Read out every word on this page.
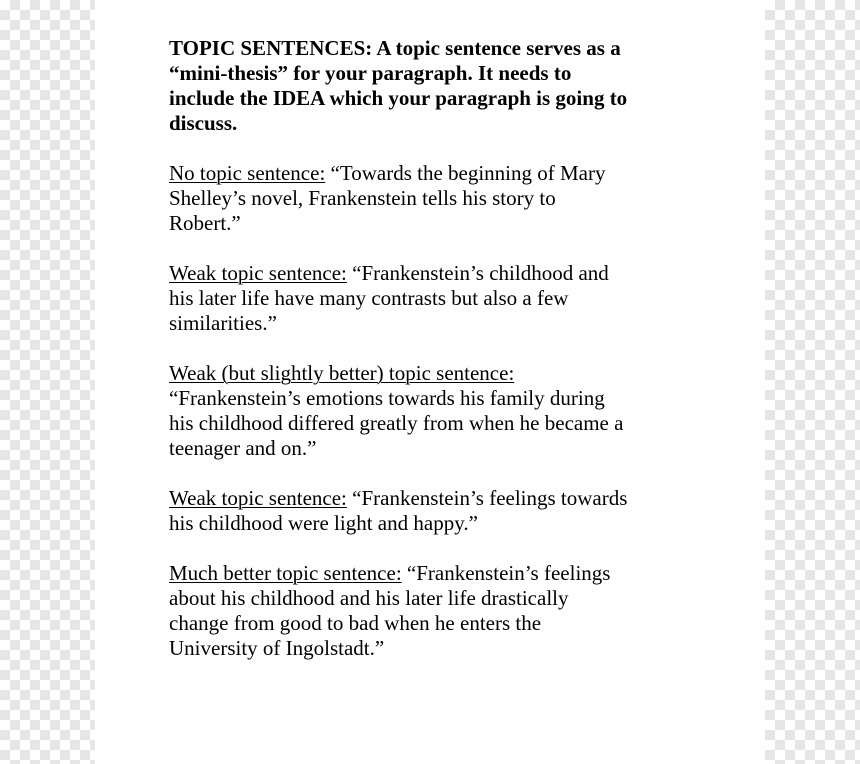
TOPIC SENTENCES: A topic sentence serves as a
“mini-thesis” for your paragraph. It needs to
include the IDEA which your paragraph is going to
discuss.
No topic sentence: “Towards the beginning of Mary
Shelley’s novel, Frankenstein tells his story to
Robert.”
Weak topic sentence: “Frankenstein’s childhood and
his later life have many contrasts but also a few
similarities.”
Weak (but slightly better) topic sentence:
“Frankenstein’s emotions towards his family during
his childhood differed greatly from when he became a
teenager and on.”
Weak topic sentence: “Frankenstein’s feelings towards
his childhood were light and happy.”
Much better topic sentence: “Frankenstein’s feelings
about his childhood and his later life drastically
change from good to bad when he enters the
University of Ingolstadt.”
